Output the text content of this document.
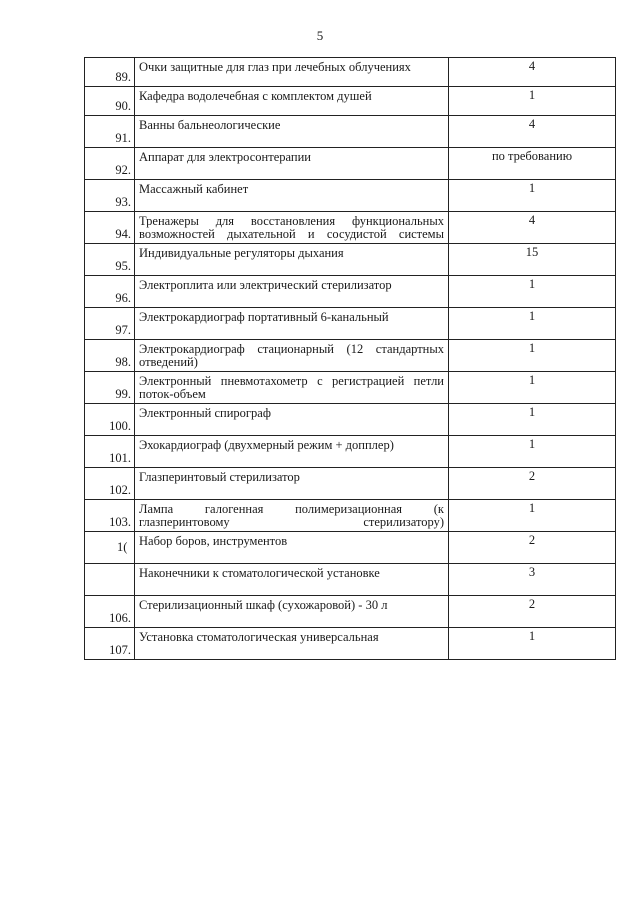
5
89.	Очки защитные для глаз при лечебных облучениях	4
90.	Кафедра водолечебная с комплектом душей	1
91.	Ванны бальнеологические	4
92.	Аппарат для электросонтерапии	по требованию
93.	Массажный кабинет	1
94.	Тренажеры для восстановления функциональных возможностей дыхательной и сосудистой системы	4
95.	Индивидуальные регуляторы дыхания	15
96.	Электроплита или электрический стерилизатор	1
97.	Электрокардиограф портативный 6-канальный	1
98.	Электрокардиограф стационарный (12 стандартных отведений)	1
99.	Электронный пневмотахометр с регистрацией петли поток-объем	1
100.	Электронный спирограф	1
101.	Эхокардиограф (двухмерный режим + допплер)	1
102.	Глазперинтовый стерилизатор	2
103.	Лампа галогенная полимеризационная (к глазперинтовому стерилизатору)	1
1(	Набор боров, инструментов	2
	Наконечники к стоматологической установке	3
106.	Стерилизационный шкаф (сухожаровой) - 30 л	2
107.	Установка стоматологическая универсальная	1
